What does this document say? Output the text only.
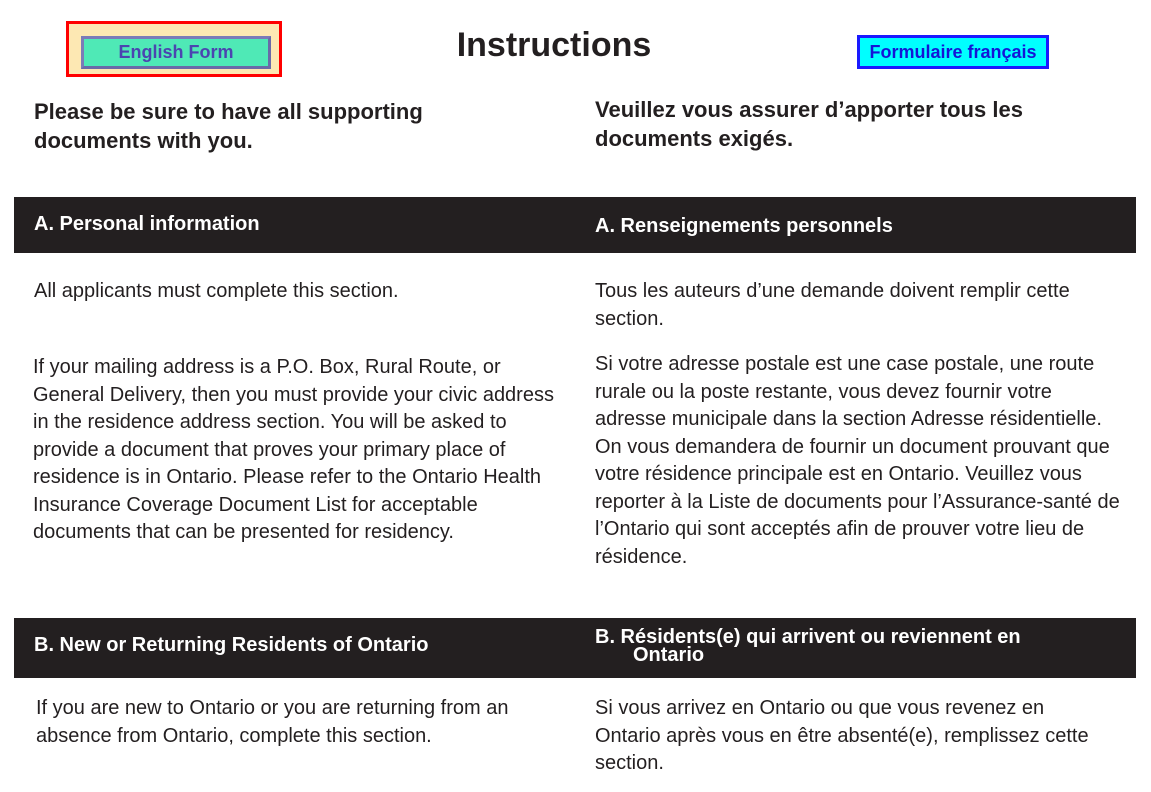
English Form	Instructions	Formulaire français
Please be sure to have all supporting documents with you.
Veuillez vous assurer d’apporter tous les documents exigés.
A. Personal information	A. Renseignements personnels
All applicants must complete this section.	Tous les auteurs d’une demande doivent remplir cette section.
If your mailing address is a P.O. Box, Rural Route, or General Delivery, then you must provide your civic address in the residence address section. You will be asked to provide a document that proves your primary place of residence is in Ontario. Please refer to the Ontario Health Insurance Coverage Document List for acceptable documents that can be presented for residency.
Si votre adresse postale est une case postale, une route rurale ou la poste restante, vous devez fournir votre adresse municipale dans la section Adresse résidentielle. On vous demandera de fournir un document prouvant que votre résidence principale est en Ontario. Veuillez vous reporter à la Liste de documents pour l’Assurance-santé de l’Ontario qui sont acceptés afin de prouver votre lieu de résidence.
B. New or Returning Residents of Ontario	B. Résidents(e) qui arrivent ou reviennent en
Ontario
If you are new to Ontario or you are returning from an absence from Ontario, complete this section.
Si vous arrivez en Ontario ou que vous revenez en Ontario après vous en être absenté(e), remplissez cette section.
